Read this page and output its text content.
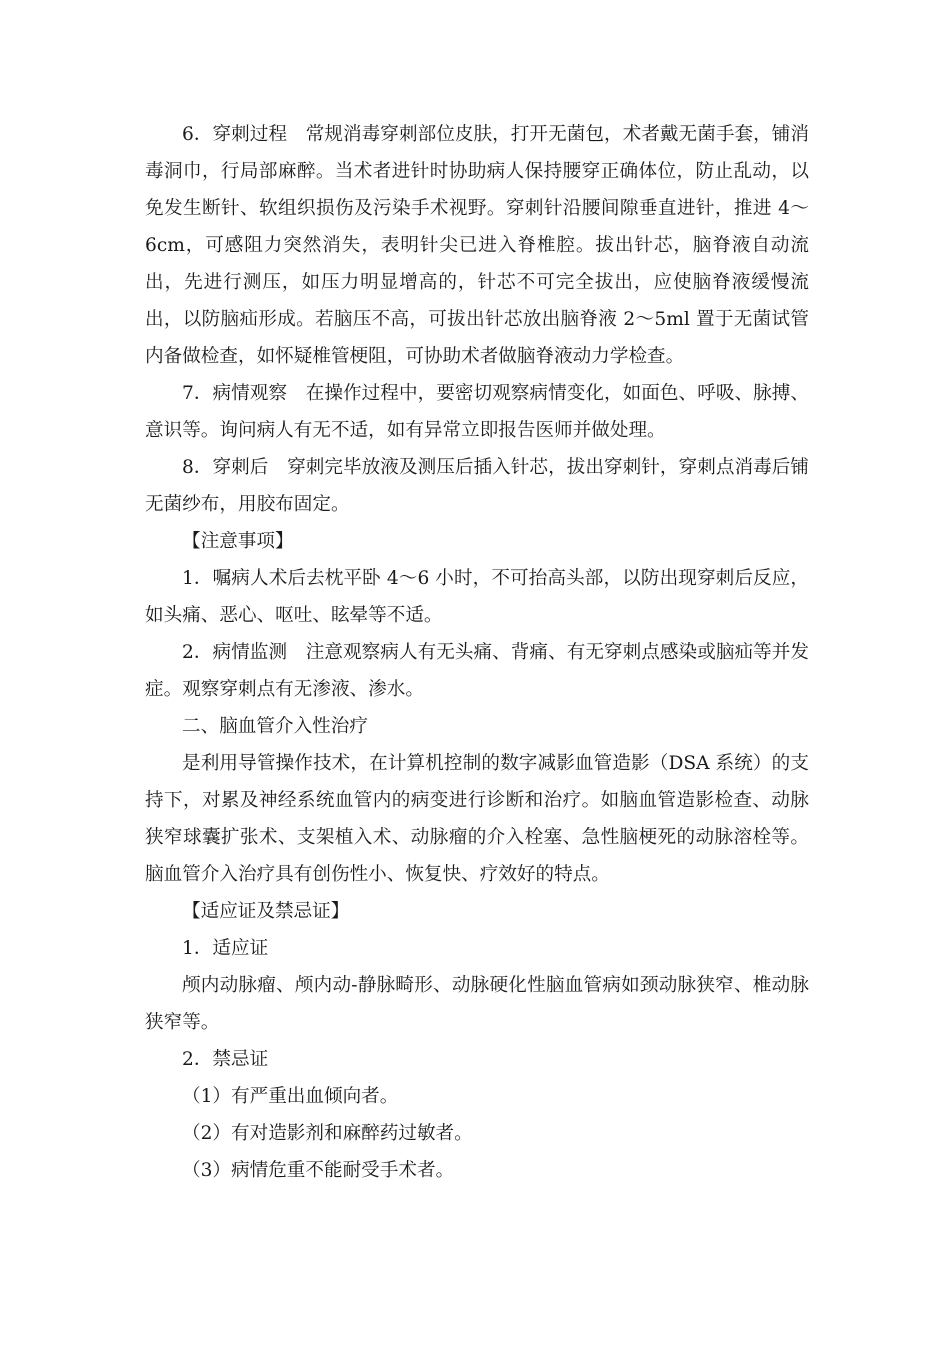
6．穿刺过程　常规消毒穿刺部位皮肤，打开无菌包，术者戴无菌手套，铺消毒洞巾，行局部麻醉。当术者进针时协助病人保持腰穿正确体位，防止乱动，以免发生断针、软组织损伤及污染手术视野。穿刺针沿腰间隙垂直进针，推进 4～6cm，可感阻力突然消失，表明针尖已进入脊椎腔。拔出针芯，脑脊液自动流出，先进行测压，如压力明显增高的，针芯不可完全拔出，应使脑脊液缓慢流出，以防脑疝形成。若脑压不高，可拔出针芯放出脑脊液 2～5ml 置于无菌试管内备做检查，如怀疑椎管梗阻，可协助术者做脑脊液动力学检查。

7．病情观察　在操作过程中，要密切观察病情变化，如面色、呼吸、脉搏、意识等。询问病人有无不适，如有异常立即报告医师并做处理。

8．穿刺后　穿刺完毕放液及测压后插入针芯，拔出穿刺针，穿刺点消毒后铺无菌纱布，用胶布固定。

【注意事项】

1．嘱病人术后去枕平卧 4～6 小时，不可抬高头部，以防出现穿刺后反应，如头痛、恶心、呕吐、眩晕等不适。

2．病情监测　注意观察病人有无头痛、背痛、有无穿刺点感染或脑疝等并发症。观察穿刺点有无渗液、渗水。

二、脑血管介入性治疗

是利用导管操作技术，在计算机控制的数字减影血管造影（DSA 系统）的支持下，对累及神经系统血管内的病变进行诊断和治疗。如脑血管造影检查、动脉狭窄球囊扩张术、支架植入术、动脉瘤的介入栓塞、急性脑梗死的动脉溶栓等。脑血管介入治疗具有创伤性小、恢复快、疗效好的特点。

【适应证及禁忌证】

1．适应证

颅内动脉瘤、颅内动-静脉畸形、动脉硬化性脑血管病如颈动脉狭窄、椎动脉狭窄等。

2．禁忌证

（1）有严重出血倾向者。

（2）有对造影剂和麻醉药过敏者。

（3）病情危重不能耐受手术者。
